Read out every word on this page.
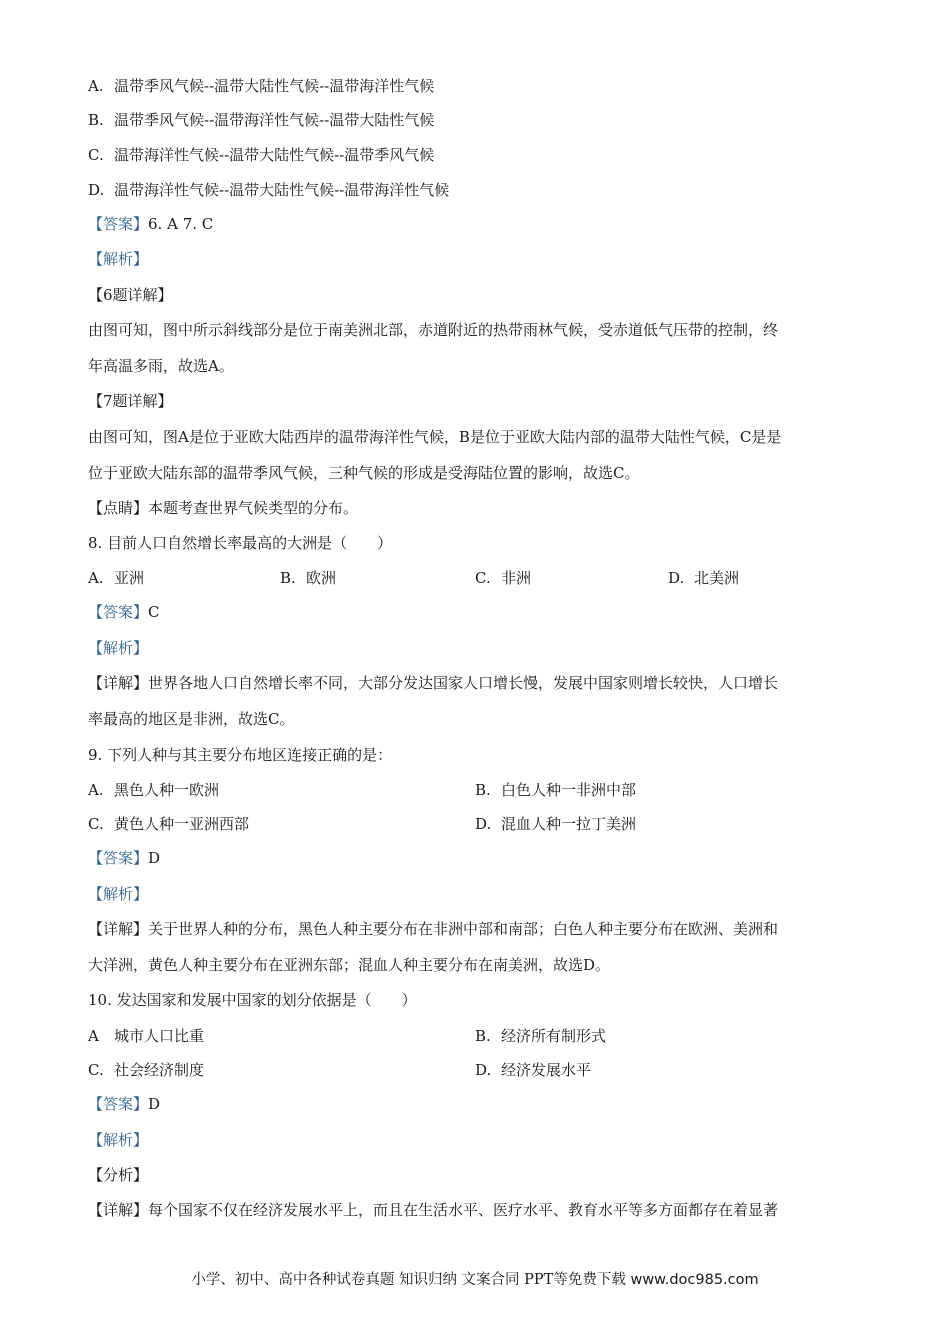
A. 温带季风气候--温带大陆性气候--温带海洋性气候
B. 温带季风气候--温带海洋性气候--温带大陆性气候
C. 温带海洋性气候--温带大陆性气候--温带季风气候
D. 温带海洋性气候--温带大陆性气候--温带海洋性气候
【答案】6. A 7. C
【解析】
【6题详解】
由图可知，图中所示斜线部分是位于南美洲北部，赤道附近的热带雨林气候，受赤道低气压带的控制，终
年高温多雨，故选A。
【7题详解】
由图可知，图A是位于亚欧大陆西岸的温带海洋性气候，B是位于亚欧大陆内部的温带大陆性气候，C是是
位于亚欧大陆东部的温带季风气候，三种气候的形成是受海陆位置的影响，故选C。
【点睛】本题考查世界气候类型的分布。
8. 目前人口自然增长率最高的大洲是（　　）
A. 亚洲	B. 欧洲	C. 非洲	D. 北美洲
【答案】C
【解析】
【详解】世界各地人口自然增长率不同，大部分发达国家人口增长慢，发展中国家则增长较快，人口增长
率最高的地区是非洲，故选C。
9. 下列人种与其主要分布地区连接正确的是：
A. 黑色人种一欧洲	B. 白色人种一非洲中部
C. 黄色人种一亚洲西部	D. 混血人种一拉丁美洲
【答案】D
【解析】
【详解】关于世界人种的分布，黑色人种主要分布在非洲中部和南部；白色人种主要分布在欧洲、美洲和
大洋洲，黄色人种主要分布在亚洲东部；混血人种主要分布在南美洲，故选D。
10. 发达国家和发展中国家的划分依据是（　　）
A 城市人口比重	B. 经济所有制形式
C. 社会经济制度	D. 经济发展水平
【答案】D
【解析】
【分析】
【详解】每个国家不仅在经济发展水平上，而且在生活水平、医疗水平、教育水平等多方面都存在着显著
小学、初中、高中各种试卷真题 知识归纳 文案合同 PPT等免费下载 www.doc985.com
